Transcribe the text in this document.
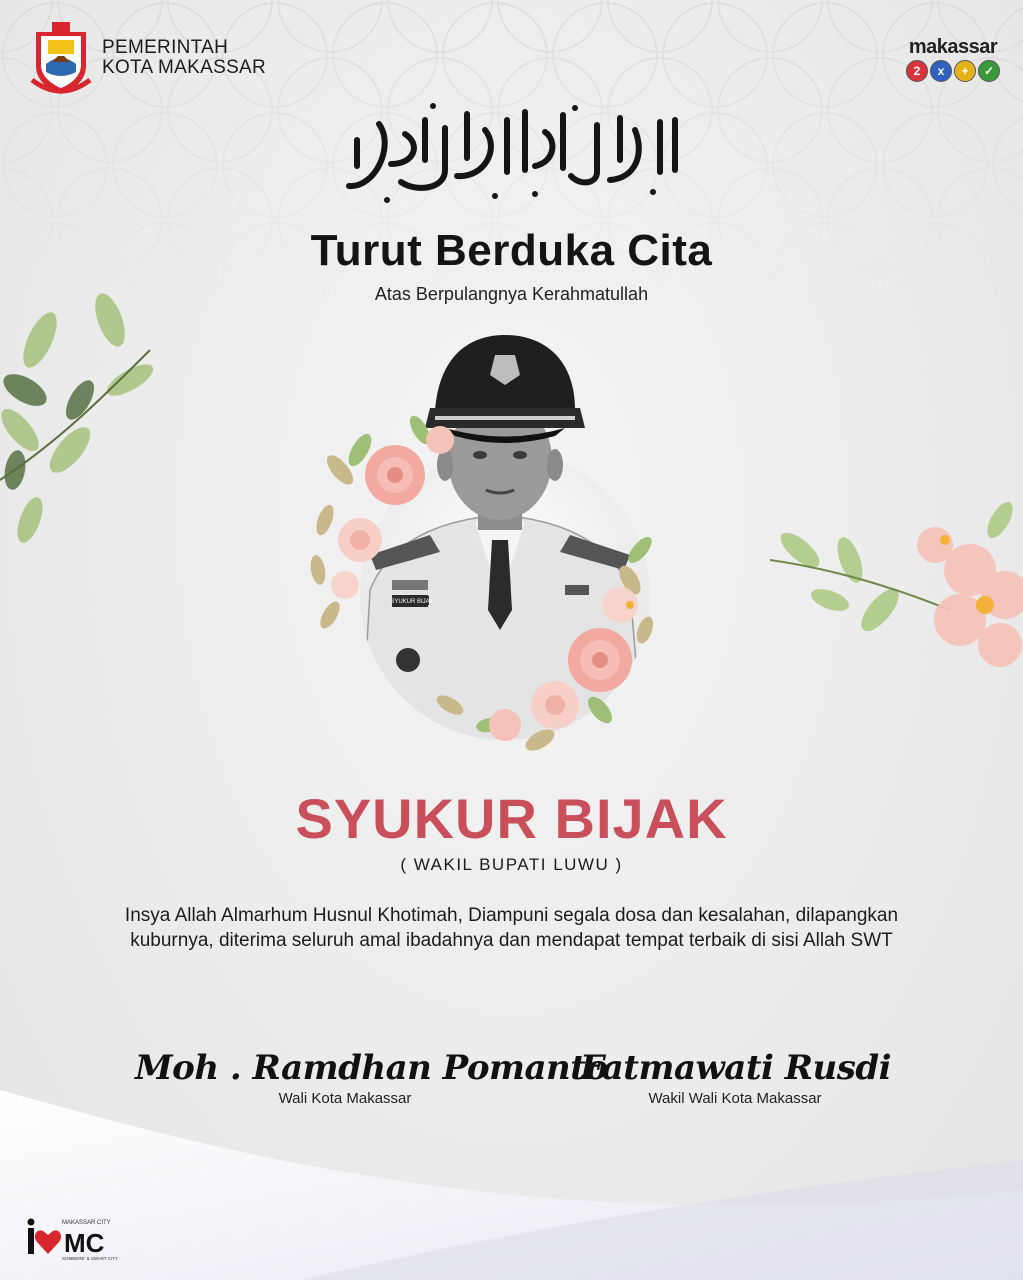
PEMERINTAH
KOTA MAKASSAR
makassar
2	x	+	✓
Turut Berduka Cita
Atas Berpulangnya Kerahmatullah
SYUKUR BIJAK
SYUKUR BIJAK
( WAKIL BUPATI LUWU )

Insya Allah Almarhum Husnul Khotimah, Diampuni segala dosa dan kesalahan, dilapangkan kuburnya, diterima seluruh amal ibadahnya dan mendapat tempat terbaik di sisi Allah SWT

Moh . Ramdhan Pomanto
Wali Kota Makassar
Fatmawati Rusdi
Wakil Wali Kota Makassar
MAKASSAR CITY
MC
SOMBERE' & SMART CITY
